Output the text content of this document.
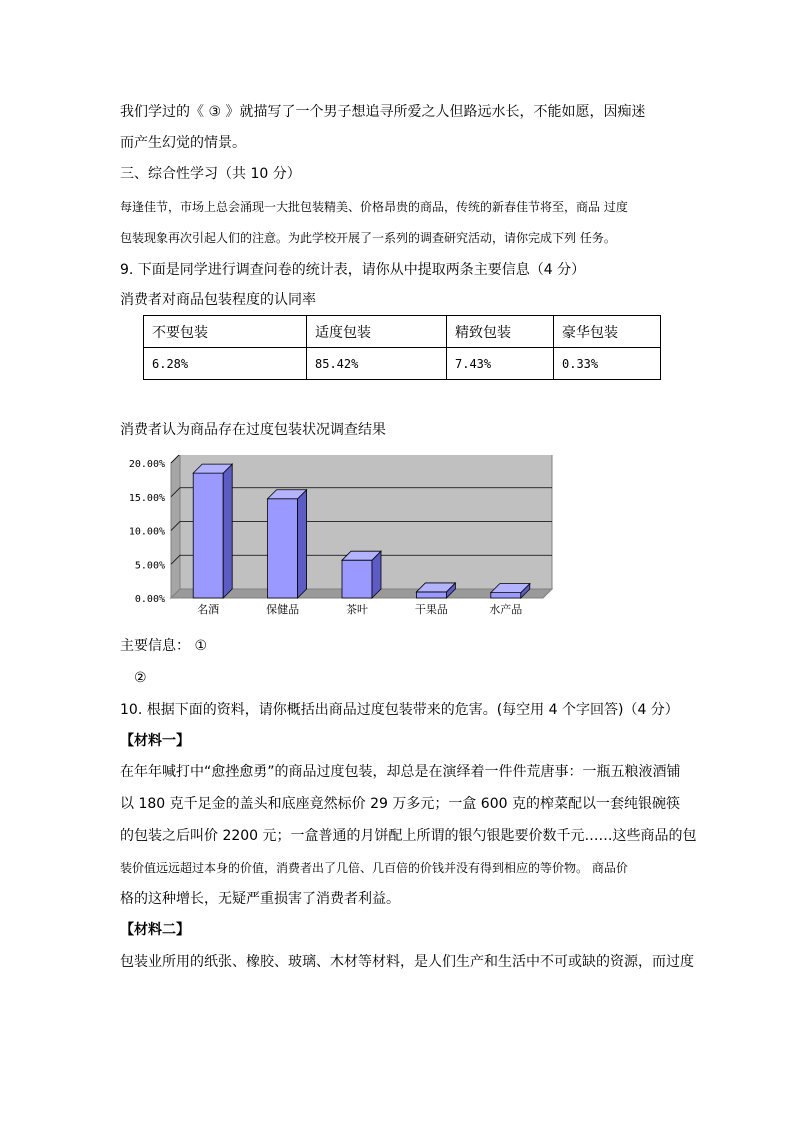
我们学过的《 ③ 》就描写了一个男子想追寻所爱之人但路远水长，不能如愿，因痴迷
而产生幻觉的情景。
三、综合性学习（共 10 分）
每逢佳节，市场上总会涌现一大批包装精美、价格昂贵的商品，传统的新春佳节将至，商品 过度
包装现象再次引起人们的注意。为此学校开展了一系列的调查研究活动，请你完成下列 任务。
9. 下面是同学进行调查问卷的统计表，请你从中提取两条主要信息（4 分）
消费者对商品包装程度的认同率
不要包装	适度包装	精致包装	豪华包装
6.28%	85.42%	7.43%	0.33%
消费者认为商品存在过度包装状况调查结果
0.00%
5.00%
10.00%
15.00%
20.00%
名酒	保健品	茶叶	干果品	水产品
主要信息： ①
②
10. 根据下面的资料，请你概括出商品过度包装带来的危害。(每空用 4 个字回答)（4 分）
【材料一】
在年年喊打中“愈挫愈勇”的商品过度包装，却总是在演绎着一件件荒唐事：一瓶五粮液酒铺
以 180 克千足金的盖头和底座竟然标价 29 万多元；一盒 600 克的榨菜配以一套纯银碗筷
的包装之后叫价 2200 元；一盒普通的月饼配上所谓的银勺银匙要价数千元……这些商品的包
装价值远远超过本身的价值，消费者出了几倍、几百倍的价钱并没有得到相应的等价物。 商品价
格的这种增长，无疑严重损害了消费者利益。
【材料二】
包装业所用的纸张、橡胶、玻璃、木材等材料，是人们生产和生活中不可或缺的资源，而过度
